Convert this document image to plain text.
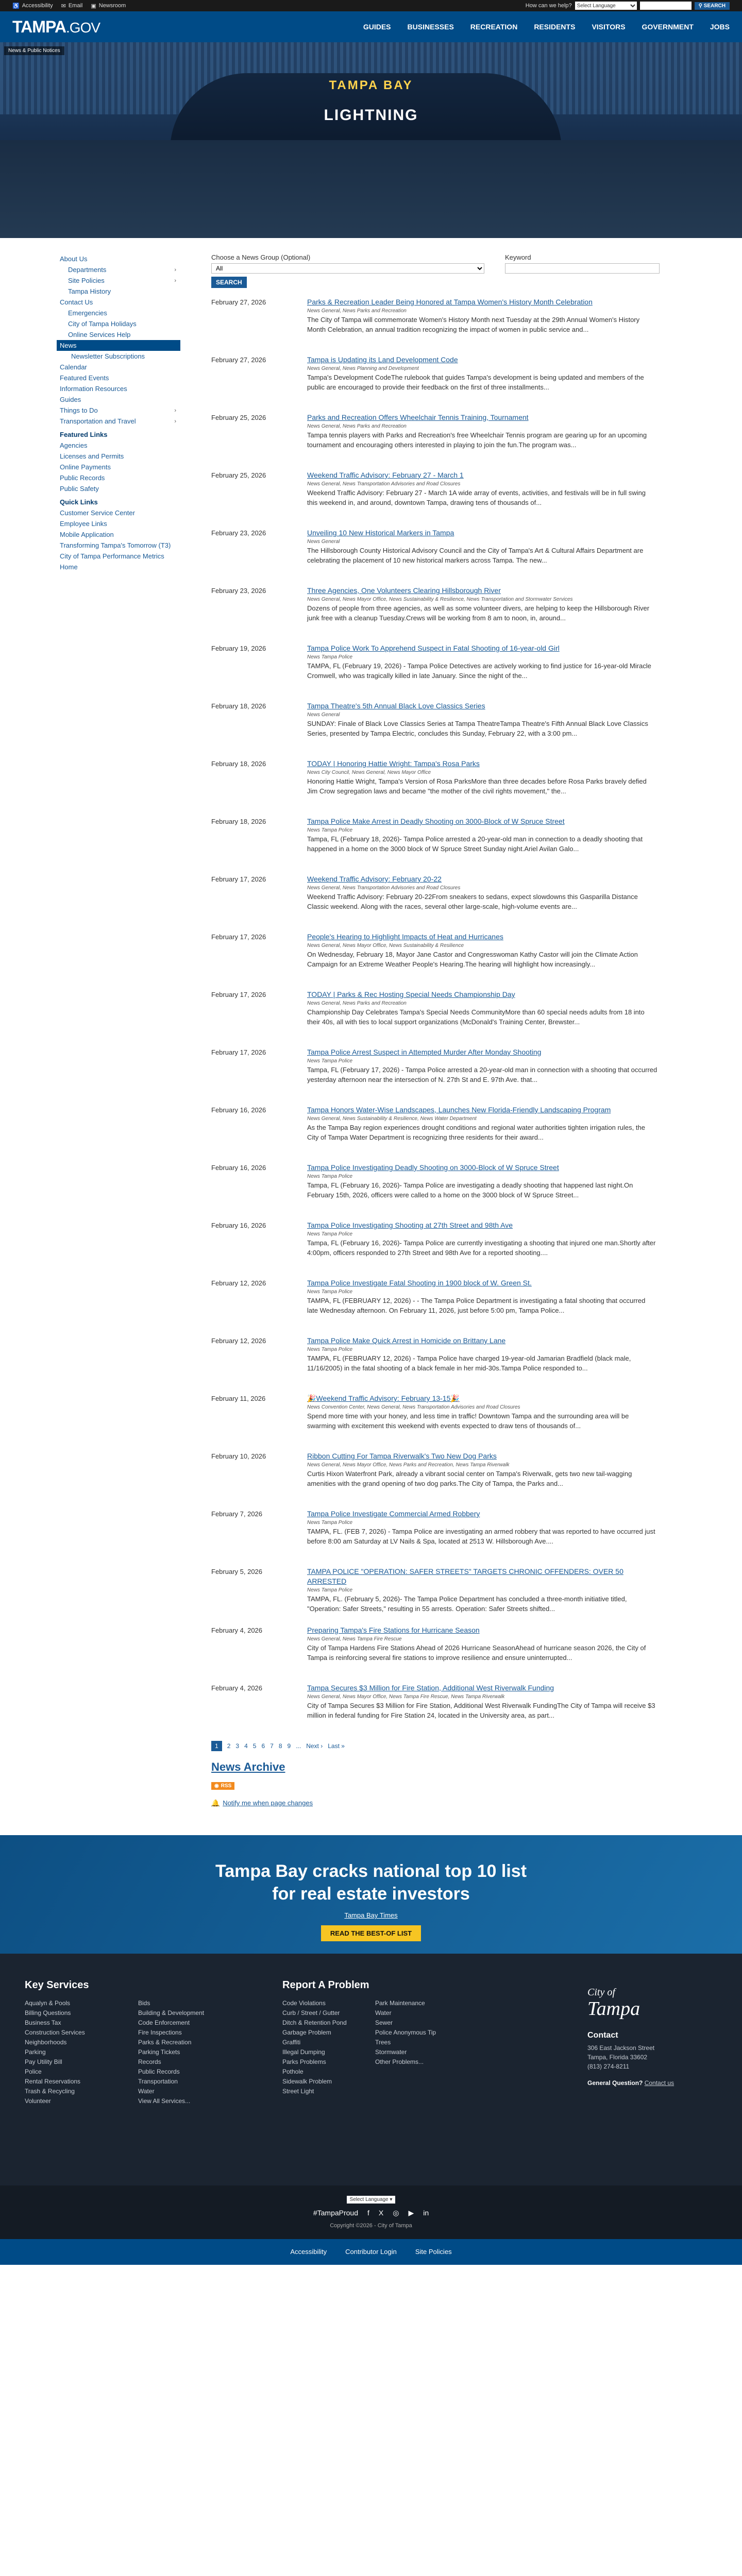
♿ Accessibility ✉ Email ▣ Newsroom	How can we help?
Select Language	⚲ SEARCH
TAMPA.GOV	GUIDES BUSINESSES RECREATION RESIDENTS VISITORS GOVERNMENT JOBS
TAMPA BAY
LIGHTNING
News & Public Notices
About Us
Departments	›
Site Policies	›
Tampa History
Contact Us
Emergencies
City of Tampa Holidays
Online Services Help
News
Newsletter Subscriptions
Calendar
Featured Events
Information Resources
Guides
Things to Do	›
Transportation and Travel	›
Featured Links
Agencies
Licenses and Permits
Online Payments
Public Records
Public Safety
Quick Links
Customer Service Center
Employee Links
Mobile Application
Transforming Tampa's Tomorrow (T3)
City of Tampa Performance Metrics
Home
Choose a News Group (Optional)
All	Keyword
SEARCH
February 27, 2026	Parks & Recreation Leader Being Honored at Tampa Women's History Month Celebration
News General, News Parks and Recreation
The City of Tampa will commemorate Women's History Month next Tuesday at the 29th Annual Women's History Month Celebration, an annual tradition recognizing the impact of women in public service and...
February 27, 2026	Tampa is Updating its Land Development Code
News General, News Planning and Development
Tampa's Development CodeThe rulebook that guides Tampa's development is being updated and members of the public are encouraged to provide their feedback on the first of three installments...
February 25, 2026	Parks and Recreation Offers Wheelchair Tennis Training, Tournament
News General, News Parks and Recreation
Tampa tennis players with Parks and Recreation's free Wheelchair Tennis program are gearing up for an upcoming tournament and encouraging others interested in playing to join the fun.The program was...
February 25, 2026	Weekend Traffic Advisory: February 27 - March 1
News General, News Transportation Advisories and Road Closures
Weekend Traffic Advisory: February 27 - March 1A wide array of events, activities, and festivals will be in full swing this weekend in, and around, downtown Tampa, drawing tens of thousands of...
February 23, 2026	Unveiling 10 New Historical Markers in Tampa
News General
The Hillsborough County Historical Advisory Council and the City of Tampa's Art & Cultural Affairs Department are celebrating the placement of 10 new historical markers across Tampa. The new...
February 23, 2026	Three Agencies, One Volunteers Clearing Hillsborough River
News General, News Mayor Office, News Sustainability & Resilience, News Transportation and Stormwater Services
Dozens of people from three agencies, as well as some volunteer divers, are helping to keep the Hillsborough River junk free with a cleanup Tuesday.Crews will be working from 8 am to noon, in, around...
February 19, 2026	Tampa Police Work To Apprehend Suspect in Fatal Shooting of 16-year-old Girl
News Tampa Police
TAMPA, FL (February 19, 2026) - Tampa Police Detectives are actively working to find justice for 16-year-old Miracle Cromwell, who was tragically killed in late January. Since the night of the...
February 18, 2026	Tampa Theatre's 5th Annual Black Love Classics Series
News General
SUNDAY: Finale of Black Love Classics Series at Tampa TheatreTampa Theatre's Fifth Annual Black Love Classics Series, presented by Tampa Electric, concludes this Sunday, February 22, with a 3:00 pm...
February 18, 2026	TODAY | Honoring Hattie Wright: Tampa's Rosa Parks
News City Council, News General, News Mayor Office
Honoring Hattie Wright, Tampa's Version of Rosa ParksMore than three decades before Rosa Parks bravely defied Jim Crow segregation laws and became "the mother of the civil rights movement," the...
February 18, 2026	Tampa Police Make Arrest in Deadly Shooting on 3000-Block of W Spruce Street
News Tampa Police
Tampa, FL (February 18, 2026)- Tampa Police arrested a 20-year-old man in connection to a deadly shooting that happened in a home on the 3000 block of W Spruce Street Sunday night.Ariel Avilan Galo...
February 17, 2026	Weekend Traffic Advisory: February 20-22
News General, News Transportation Advisories and Road Closures
Weekend Traffic Advisory: February 20-22From sneakers to sedans, expect slowdowns this Gasparilla Distance Classic weekend. Along with the races, several other large-scale, high-volume events are...
February 17, 2026	People's Hearing to Highlight Impacts of Heat and Hurricanes
News General, News Mayor Office, News Sustainability & Resilience
On Wednesday, February 18, Mayor Jane Castor and Congresswoman Kathy Castor will join the Climate Action Campaign for an Extreme Weather People's Hearing.The hearing will highlight how increasingly...
February 17, 2026	TODAY | Parks & Rec Hosting Special Needs Championship Day
News General, News Parks and Recreation
Championship Day Celebrates Tampa's Special Needs CommunityMore than 60 special needs adults from 18 into their 40s, all with ties to local support organizations (McDonald's Training Center, Brewster...
February 17, 2026	Tampa Police Arrest Suspect in Attempted Murder After Monday Shooting
News Tampa Police
Tampa, FL (February 17, 2026) - Tampa Police arrested a 20-year-old man in connection with a shooting that occurred yesterday afternoon near the intersection of N. 27th St and E. 97th Ave. that...
February 16, 2026	Tampa Honors Water-Wise Landscapes, Launches New Florida-Friendly Landscaping Program
News General, News Sustainability & Resilience, News Water Department
As the Tampa Bay region experiences drought conditions and regional water authorities tighten irrigation rules, the City of Tampa Water Department is recognizing three residents for their award...
February 16, 2026	Tampa Police Investigating Deadly Shooting on 3000-Block of W Spruce Street
News Tampa Police
Tampa, FL (February 16, 2026)- Tampa Police are investigating a deadly shooting that happened last night.On February 15th, 2026, officers were called to a home on the 3000 block of W Spruce Street...
February 16, 2026	Tampa Police Investigating Shooting at 27th Street and 98th Ave
News Tampa Police
Tampa, FL (February 16, 2026)- Tampa Police are currently investigating a shooting that injured one man.Shortly after 4:00pm, officers responded to 27th Street and 98th Ave for a reported shooting....
February 12, 2026	Tampa Police Investigate Fatal Shooting in 1900 block of W. Green St.
News Tampa Police
TAMPA, FL (FEBRUARY 12, 2026) - - The Tampa Police Department is investigating a fatal shooting that occurred late Wednesday afternoon. On February 11, 2026, just before 5:00 pm, Tampa Police...
February 12, 2026	Tampa Police Make Quick Arrest in Homicide on Brittany Lane
News Tampa Police
TAMPA, FL (FEBRUARY 12, 2026) - Tampa Police have charged 19-year-old Jamarian Bradfield (black male, 11/16/2005) in the fatal shooting of a black female in her mid-30s.Tampa Police responded to...
February 11, 2026	🎉Weekend Traffic Advisory: February 13-15🎉
News Convention Center, News General, News Transportation Advisories and Road Closures
Spend more time with your honey, and less time in traffic! Downtown Tampa and the surrounding area will be swarming with excitement this weekend with events expected to draw tens of thousands of...
February 10, 2026	Ribbon Cutting For Tampa Riverwalk's Two New Dog Parks
News General, News Mayor Office, News Parks and Recreation, News Tampa Riverwalk
Curtis Hixon Waterfront Park, already a vibrant social center on Tampa's Riverwalk, gets two new tail-wagging amenities with the grand opening of two dog parks.The City of Tampa, the Parks and...
February 7, 2026	Tampa Police Investigate Commercial Armed Robbery
News Tampa Police
TAMPA, FL. (FEB 7, 2026) - Tampa Police are investigating an armed robbery that was reported to have occurred just before 8:00 am Saturday at LV Nails & Spa, located at 2513 W. Hillsborough Ave....
February 5, 2026	TAMPA POLICE "OPERATION: SAFER STREETS" TARGETS CHRONIC OFFENDERS: OVER 50 ARRESTED
News Tampa Police
TAMPA, FL. (February 5, 2026)- The Tampa Police Department has concluded a three-month initiative titled, "Operation: Safer Streets," resulting in 55 arrests. Operation: Safer Streets shifted...
February 4, 2026	Preparing Tampa's Fire Stations for Hurricane Season
News General, News Tampa Fire Rescue
City of Tampa Hardens Fire Stations Ahead of 2026 Hurricane SeasonAhead of hurricane season 2026, the City of Tampa is reinforcing several fire stations to improve resilience and ensure uninterrupted...
February 4, 2026	Tampa Secures $3 Million for Fire Station, Additional West Riverwalk Funding
News General, News Mayor Office, News Tampa Fire Rescue, News Tampa Riverwalk
City of Tampa Secures $3 Million for Fire Station, Additional West Riverwalk FundingThe City of Tampa will receive $3 million in federal funding for Fire Station 24, located in the University area, as part...
1	2 3 4 5 6 7 8 9 ... Next › Last »
News Archive
◉ RSS
🔔 Notify me when page changes
Tampa Bay cracks national top 10 list for real estate investors
Tampa Bay Times
READ THE BEST-OF LIST
Key Services
Aqualyn & Pools	Bids
Billing Questions	Building & Development
Business Tax	Code Enforcement
Construction Services	Fire Inspections
Neighborhoods	Parks & Recreation
Parking	Parking Tickets
Pay Utility Bill	Records
Police	Public Records
Rental Reservations	Transportation
Trash & Recycling	Water
Volunteer	View All Services...
Report A Problem
Code Violations	Park Maintenance
Curb / Street / Gutter	Water
Ditch & Retention Pond	Sewer
Garbage Problem	Police Anonymous Tip
Graffiti	Trees
Illegal Dumping	Stormwater
Parks Problems	Other Problems...
Pothole
Sidewalk Problem
Street Light
City of
Tampa
Contact

306 East Jackson Street

Tampa, Florida 33602

(813) 274-8211

General Question? Contact us

Select Language ▾
#TampaProud f X ◎ ▶ in
Copyright ©2026 - City of Tampa
Accessibility	Contributor Login	Site Policies
